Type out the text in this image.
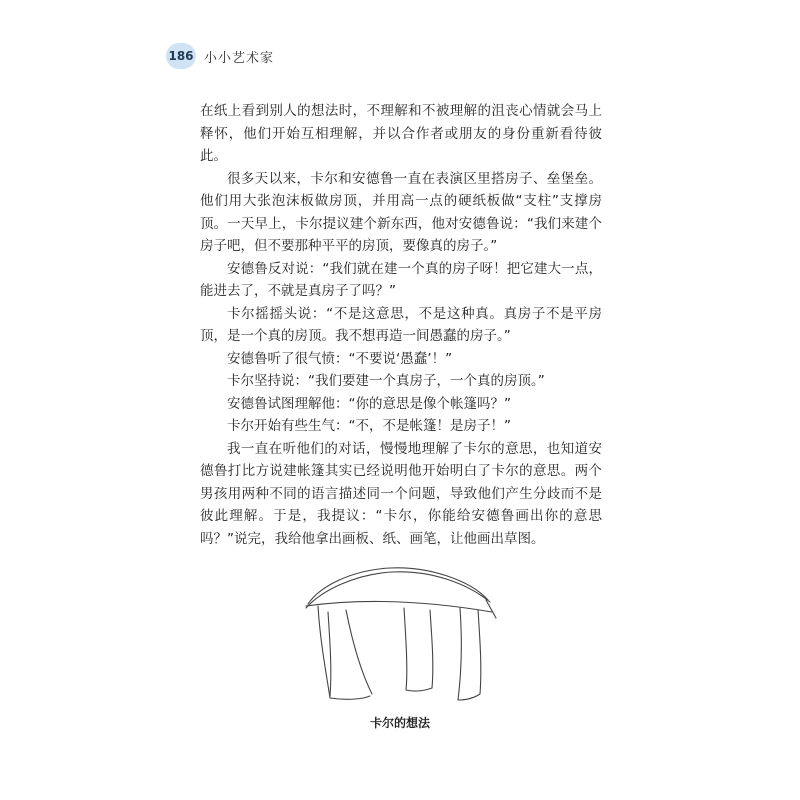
186 小小艺术家

在纸上看到别人的想法时，不理解和不被理解的沮丧心情就会马上释怀，他们开始互相理解，并以合作者或朋友的身份重新看待彼此。

很多天以来，卡尔和安德鲁一直在表演区里搭房子、垒堡垒。他们用大张泡沫板做房顶，并用高一点的硬纸板做“支柱”支撑房顶。一天早上，卡尔提议建个新东西，他对安德鲁说：“我们来建个房子吧，但不要那种平平的房顶，要像真的房子。”

安德鲁反对说：“我们就在建一个真的房子呀！把它建大一点，能进去了，不就是真房子了吗？”

卡尔摇摇头说：“不是这意思，不是这种真。真房子不是平房顶，是一个真的房顶。我不想再造一间愚蠢的房子。”

安德鲁听了很气愤：“不要说‘愚蠢’！”

卡尔坚持说：“我们要建一个真房子，一个真的房顶。”

安德鲁试图理解他：“你的意思是像个帐篷吗？”

卡尔开始有些生气：“不，不是帐篷！是房子！”

我一直在听他们的对话，慢慢地理解了卡尔的意思，也知道安德鲁打比方说建帐篷其实已经说明他开始明白了卡尔的意思。两个男孩用两种不同的语言描述同一个问题，导致他们产生分歧而不是彼此理解。于是，我提议：“卡尔，你能给安德鲁画出你的意思吗？”说完，我给他拿出画板、纸、画笔，让他画出草图。

卡尔的想法
